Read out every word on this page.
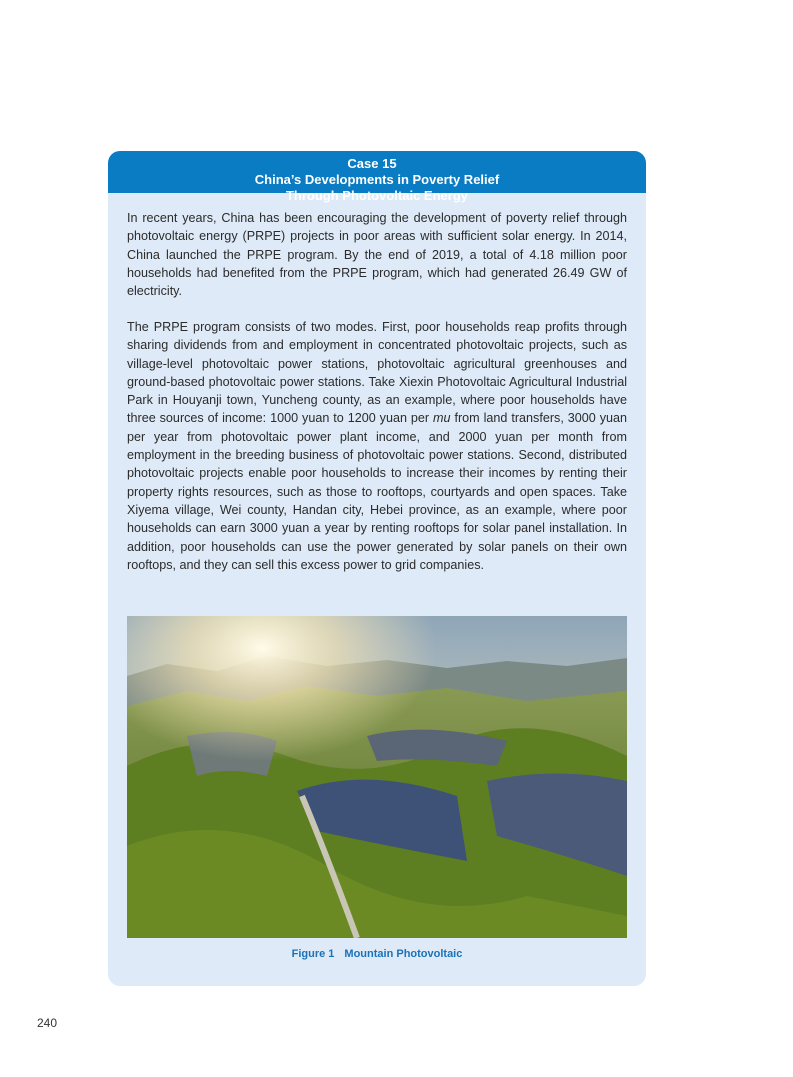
Case 15
China’s Developments in Poverty Relief
Through Photovoltaic Energy

In recent years, China has been encouraging the development of poverty relief through photovoltaic energy (PRPE) projects in poor areas with sufficient solar energy. In 2014, China launched the PRPE program. By the end of 2019, a total of 4.18 million poor households had benefited from the PRPE program, which had generated 26.49 GW of electricity.

The PRPE program consists of two modes. First, poor households reap profits through sharing dividends from and employment in concentrated photovoltaic projects, such as village-level photovoltaic power stations, photovoltaic agricultural greenhouses and ground-based photovoltaic power stations. Take Xiexin Photovoltaic Agricultural Industrial Park in Houyanji town, Yuncheng county, as an example, where poor households have three sources of income: 1000 yuan to 1200 yuan per mu from land transfers, 3000 yuan per year from photovoltaic power plant income, and 2000 yuan per month from employment in the breeding business of photovoltaic power stations. Second, distributed photovoltaic projects enable poor households to increase their incomes by renting their property rights resources, such as those to rooftops, courtyards and open spaces. Take Xiyema village, Wei county, Handan city, Hebei province, as an example, where poor households can earn 3000 yuan a year by renting rooftops for solar panel installation. In addition, poor households can use the power generated by solar panels on their own rooftops, and they can sell this excess power to grid companies.

Figure 1 Mountain Photovoltaic
240
